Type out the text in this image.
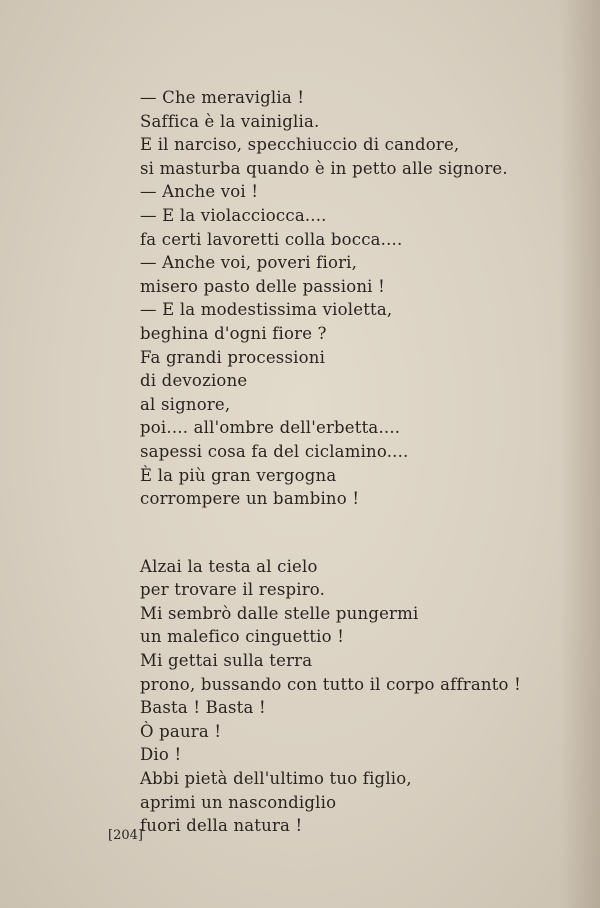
— Che meraviglia !
Saffica è la vainiglia.
E il narciso, specchiuccio di candore,
si masturba quando è in petto alle signore.
— Anche voi !
— E la violacciocca....
fa certi lavoretti colla bocca....
— Anche voi, poveri fiori,
misero pasto delle passioni !
— E la modestissima violetta,
beghina d'ogni fiore ?
Fa grandi processioni
di devozione
al signore,
poi.... all'ombre dell'erbetta....
sapessi cosa fa del ciclamino....
È la più gran vergogna
corrompere un bambino !
Alzai la testa al cielo
per trovare il respiro.
Mi sembrò dalle stelle pungermi
un malefico cinguettio !
Mi gettai sulla terra
prono, bussando con tutto il corpo affranto !
Basta ! Basta !
Ò paura !
Dio !
Abbi pietà dell'ultimo tuo figlio,
aprimi un nascondiglio
fuori della natura !
[204]
